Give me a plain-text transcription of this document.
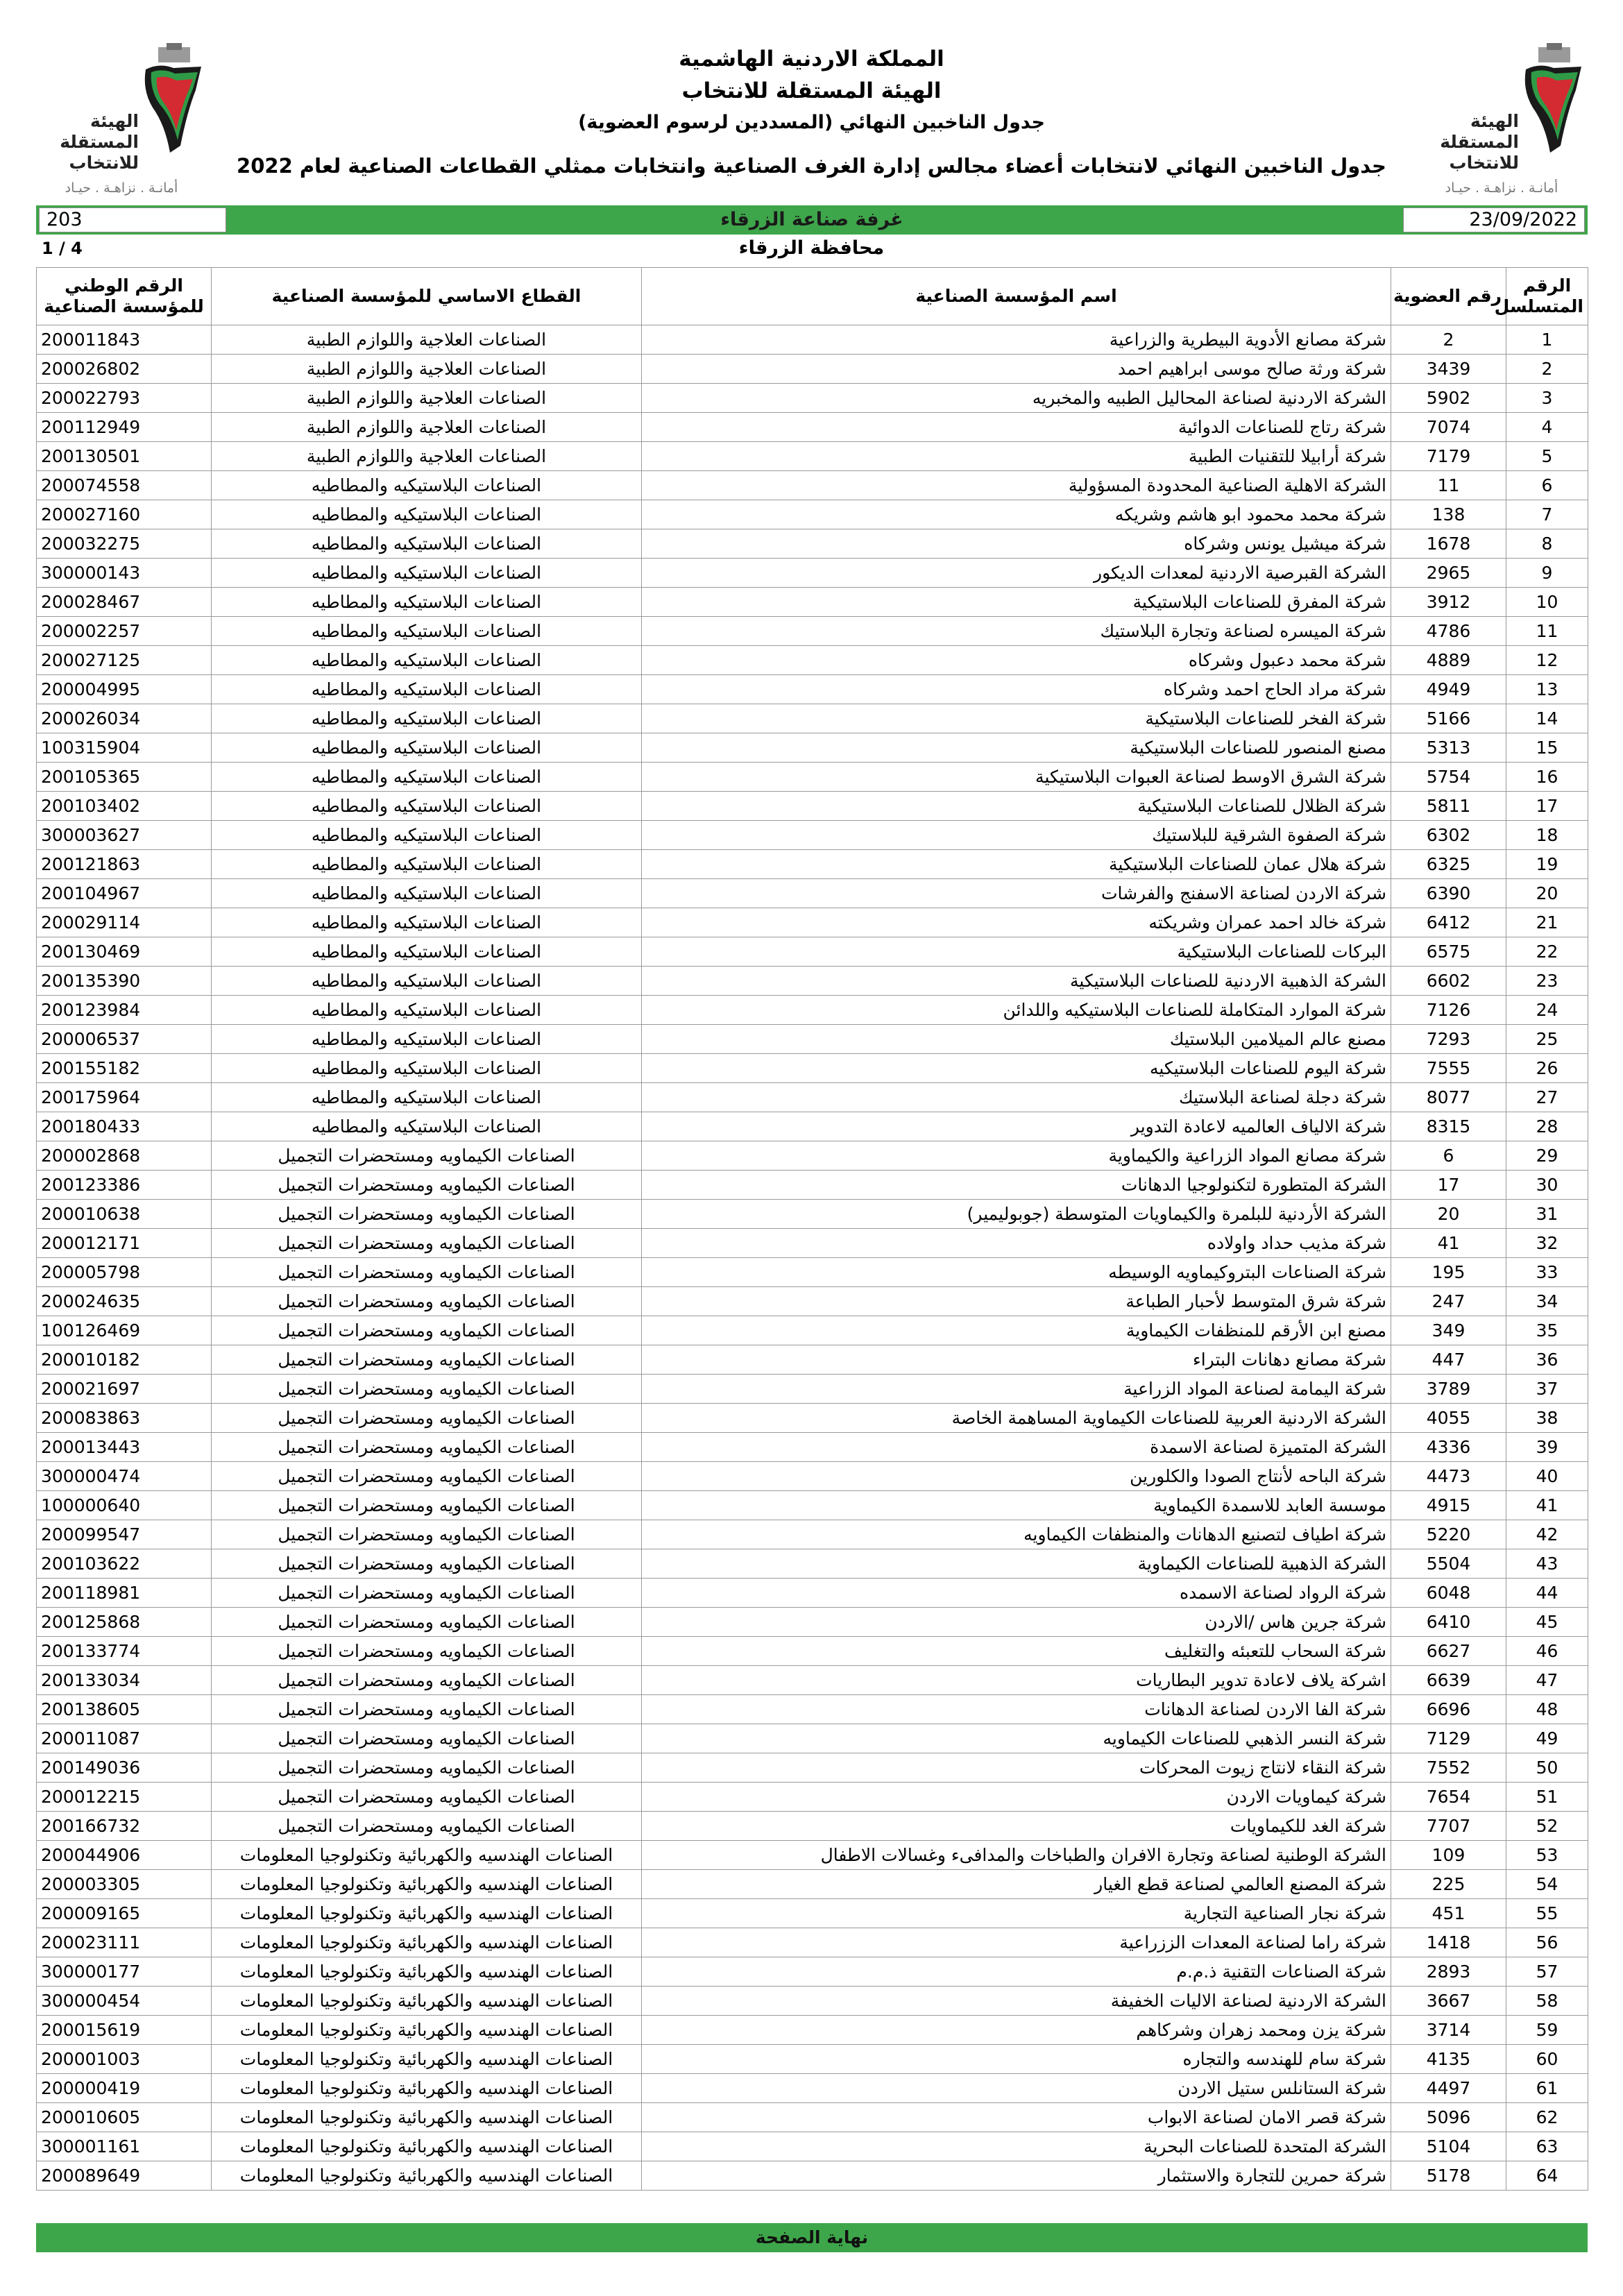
الهيئة المستقلة
للانتخاب
أمانـة . نزاهـة . حيـاد
الهيئة المستقلة
للانتخاب
أمانـة . نزاهـة . حيـاد
المملكة الاردنية الهاشمية
الهيئة المستقلة للانتخاب
جدول الناخبين النهائي (المسددين لرسوم العضوية)
جدول الناخبين النهائي لانتخابات أعضاء مجالس إدارة الغرف الصناعية وانتخابات ممثلي القطاعات الصناعية لعام 2022
غرفة صناعة الزرقاء	23/09/2022
203
محافظة الزرقاء
1 / 4
الرقم المتسلسل	رقم العضوية	اسم المؤسسة الصناعية	القطاع الاساسي للمؤسسة الصناعية	الرقم الوطني للمؤسسة الصناعية

1	2	شركة مصانع الأدوية البيطرية والزراعية	الصناعات العلاجية واللوازم الطبية	200011843
2	3439	شركة ورثة صالح موسى ابراهيم احمد	الصناعات العلاجية واللوازم الطبية	200026802
3	5902	الشركة الاردنية لصناعة المحاليل الطبيه والمخبريه	الصناعات العلاجية واللوازم الطبية	200022793
4	7074	شركة رتاج للصناعات الدوائية	الصناعات العلاجية واللوازم الطبية	200112949
5	7179	شركة أرابيلا للتقنيات الطبية	الصناعات العلاجية واللوازم الطبية	200130501
6	11	الشركة الاهلية الصناعية المحدودة المسؤولية	الصناعات البلاستيكيه والمطاطيه	200074558
7	138	شركة محمد محمود ابو هاشم وشريكه	الصناعات البلاستيكيه والمطاطيه	200027160
8	1678	شركة ميشيل يونس وشركاه	الصناعات البلاستيكيه والمطاطيه	200032275
9	2965	الشركة القبرصية الاردنية لمعدات الديكور	الصناعات البلاستيكيه والمطاطيه	300000143
10	3912	شركة المفرق للصناعات البلاستيكية	الصناعات البلاستيكيه والمطاطيه	200028467
11	4786	شركة الميسره لصناعة وتجارة البلاستيك	الصناعات البلاستيكيه والمطاطيه	200002257
12	4889	شركة محمد دعبول وشركاه	الصناعات البلاستيكيه والمطاطيه	200027125
13	4949	شركة مراد الحاج احمد وشركاه	الصناعات البلاستيكيه والمطاطيه	200004995
14	5166	شركة الفخر للصناعات البلاستيكية	الصناعات البلاستيكيه والمطاطيه	200026034
15	5313	مصنع المنصور للصناعات البلاستيكية	الصناعات البلاستيكيه والمطاطيه	100315904
16	5754	شركة الشرق الاوسط لصناعة العبوات البلاستيكية	الصناعات البلاستيكيه والمطاطيه	200105365
17	5811	شركة الظلال للصناعات البلاستيكية	الصناعات البلاستيكيه والمطاطيه	200103402
18	6302	شركة الصفوة الشرقية للبلاستيك	الصناعات البلاستيكيه والمطاطيه	300003627
19	6325	شركة هلال عمان للصناعات البلاستيكية	الصناعات البلاستيكيه والمطاطيه	200121863
20	6390	شركة الاردن لصناعة الاسفنج والفرشات	الصناعات البلاستيكيه والمطاطيه	200104967
21	6412	شركة خالد احمد عمران وشريكته	الصناعات البلاستيكيه والمطاطيه	200029114
22	6575	البركات للصناعات البلاستيكية	الصناعات البلاستيكيه والمطاطيه	200130469
23	6602	الشركة الذهبية الاردنية للصناعات البلاستيكية	الصناعات البلاستيكيه والمطاطيه	200135390
24	7126	شركة الموارد المتكاملة للصناعات البلاستيكيه واللدائن	الصناعات البلاستيكيه والمطاطيه	200123984
25	7293	مصنع عالم الميلامين البلاستيك	الصناعات البلاستيكيه والمطاطيه	200006537
26	7555	شركة اليوم للصناعات البلاستيكيه	الصناعات البلاستيكيه والمطاطيه	200155182
27	8077	شركة دجلة لصناعة البلاستيك	الصناعات البلاستيكيه والمطاطيه	200175964
28	8315	شركة الالياف العالميه لاعادة التدوير	الصناعات البلاستيكيه والمطاطيه	200180433
29	6	شركة مصانع المواد الزراعية والكيماوية	الصناعات الكيماويه ومستحضرات التجميل	200002868
30	17	الشركة المتطورة لتكنولوجيا الدهانات	الصناعات الكيماويه ومستحضرات التجميل	200123386
31	20	الشركة الأردنية للبلمرة والكيماويات المتوسطة (جوبوليمير)	الصناعات الكيماويه ومستحضرات التجميل	200010638
32	41	شركة مذيب حداد واولاده	الصناعات الكيماويه ومستحضرات التجميل	200012171
33	195	شركة الصناعات البتروكيماويه الوسيطه	الصناعات الكيماويه ومستحضرات التجميل	200005798
34	247	شركة شرق المتوسط لأحبار الطباعة	الصناعات الكيماويه ومستحضرات التجميل	200024635
35	349	مصنع ابن الأرقم للمنظفات الكيماوية	الصناعات الكيماويه ومستحضرات التجميل	100126469
36	447	شركة مصانع دهانات البتراء	الصناعات الكيماويه ومستحضرات التجميل	200010182
37	3789	شركة اليمامة لصناعة المواد الزراعية	الصناعات الكيماويه ومستحضرات التجميل	200021697
38	4055	الشركة الاردنية العربية للصناعات الكيماوية المساهمة الخاصة	الصناعات الكيماويه ومستحضرات التجميل	200083863
39	4336	الشركة المتميزة لصناعة الاسمدة	الصناعات الكيماويه ومستحضرات التجميل	200013443
40	4473	شركة الباحه لأنتاج الصودا والكلورين	الصناعات الكيماويه ومستحضرات التجميل	300000474
41	4915	موسسة العابد للاسمدة الكيماوية	الصناعات الكيماويه ومستحضرات التجميل	100000640
42	5220	شركة اطياف لتصنيع الدهانات والمنظفات الكيماويه	الصناعات الكيماويه ومستحضرات التجميل	200099547
43	5504	الشركة الذهبية للصناعات الكيماوية	الصناعات الكيماويه ومستحضرات التجميل	200103622
44	6048	شركة الرواد لصناعة الاسمده	الصناعات الكيماويه ومستحضرات التجميل	200118981
45	6410	شركة جرين هاس /الاردن	الصناعات الكيماويه ومستحضرات التجميل	200125868
46	6627	شركة السحاب للتعبئه والتغليف	الصناعات الكيماويه ومستحضرات التجميل	200133774
47	6639	اشركة يلاف لاعادة تدوير البطاريات	الصناعات الكيماويه ومستحضرات التجميل	200133034
48	6696	شركة الفا الاردن لصناعة الدهانات	الصناعات الكيماويه ومستحضرات التجميل	200138605
49	7129	شركة النسر الذهبي للصناعات الكيماويه	الصناعات الكيماويه ومستحضرات التجميل	200011087
50	7552	شركة النقاء لانتاج زيوت المحركات	الصناعات الكيماويه ومستحضرات التجميل	200149036
51	7654	شركة كيماويات الاردن	الصناعات الكيماويه ومستحضرات التجميل	200012215
52	7707	شركة الغد للكيماويات	الصناعات الكيماويه ومستحضرات التجميل	200166732
53	109	الشركة الوطنية لصناعة وتجارة الافران والطباخات والمدافىء وغسالات الاطفال	الصناعات الهندسيه والكهربائية وتكنولوجيا المعلومات	200044906
54	225	شركة المصنع العالمي لصناعة قطع الغيار	الصناعات الهندسيه والكهربائية وتكنولوجيا المعلومات	200003305
55	451	شركة نجار الصناعية التجارية	الصناعات الهندسيه والكهربائية وتكنولوجيا المعلومات	200009165
56	1418	شركة راما لصناعة المعدات الززراعية	الصناعات الهندسيه والكهربائية وتكنولوجيا المعلومات	200023111
57	2893	شركة الصناعات التقنية ذ.م.م	الصناعات الهندسيه والكهربائية وتكنولوجيا المعلومات	300000177
58	3667	الشركة الاردنية لصناعة الاليات الخفيفة	الصناعات الهندسيه والكهربائية وتكنولوجيا المعلومات	300000454
59	3714	شركة يزن ومحمد زهران وشركاهم	الصناعات الهندسيه والكهربائية وتكنولوجيا المعلومات	200015619
60	4135	شركة سام للهندسه والتجاره	الصناعات الهندسيه والكهربائية وتكنولوجيا المعلومات	200001003
61	4497	شركة الستانلس ستيل الاردن	الصناعات الهندسيه والكهربائية وتكنولوجيا المعلومات	200000419
62	5096	شركة قصر الامان لصناعة الابواب	الصناعات الهندسيه والكهربائية وتكنولوجيا المعلومات	200010605
63	5104	الشركة المتحدة للصناعات البحرية	الصناعات الهندسيه والكهربائية وتكنولوجيا المعلومات	300001161
64	5178	شركة حمرين للتجارة والاستثمار	الصناعات الهندسيه والكهربائية وتكنولوجيا المعلومات	200089649
نهاية الصفحة
